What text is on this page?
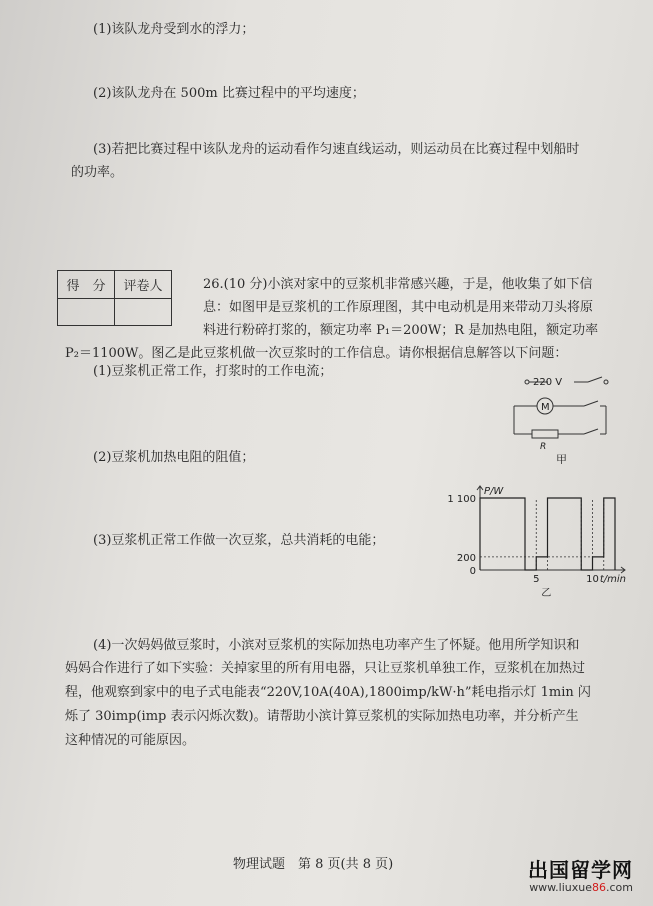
(1)该队龙舟受到水的浮力；
(2)该队龙舟在 500m 比赛过程中的平均速度；
(3)若把比赛过程中该队龙舟的运动看作匀速直线运动，则运动员在比赛过程中划船时
的功率。
得　分	评卷人
		26.(10 分)小滨对家中的豆浆机非常感兴趣，于是，他收集了如下信
息：如图甲是豆浆机的工作原理图，其中电动机是用来带动刀头将原
料进行粉碎打浆的，额定功率 P₁＝200W；R 是加热电阻，额定功率
P₂＝1100W。图乙是此豆浆机做一次豆浆时的工作信息。请你根据信息解答以下问题：
(1)豆浆机正常工作，打浆时的工作电流；
(2)豆浆机加热电阻的阻值；
(3)豆浆机正常工作做一次豆浆，总共消耗的电能；
220 V
M
R
甲
0
200
1 100
5	10
P/W
t/min
乙
(4)一次妈妈做豆浆时，小滨对豆浆机的实际加热电功率产生了怀疑。他用所学知识和
妈妈合作进行了如下实验：关掉家里的所有用电器，只让豆浆机单独工作，豆浆机在加热过
程，他观察到家中的电子式电能表“220V,10A(40A),1800imp/kW·h”耗电指示灯 1min 闪
烁了 30imp(imp 表示闪烁次数)。请帮助小滨计算豆浆机的实际加热电功率，并分析产生
这种情况的可能原因。
物理试题　第 8 页(共 8 页)	出国留学网
www.liuxue86.com
